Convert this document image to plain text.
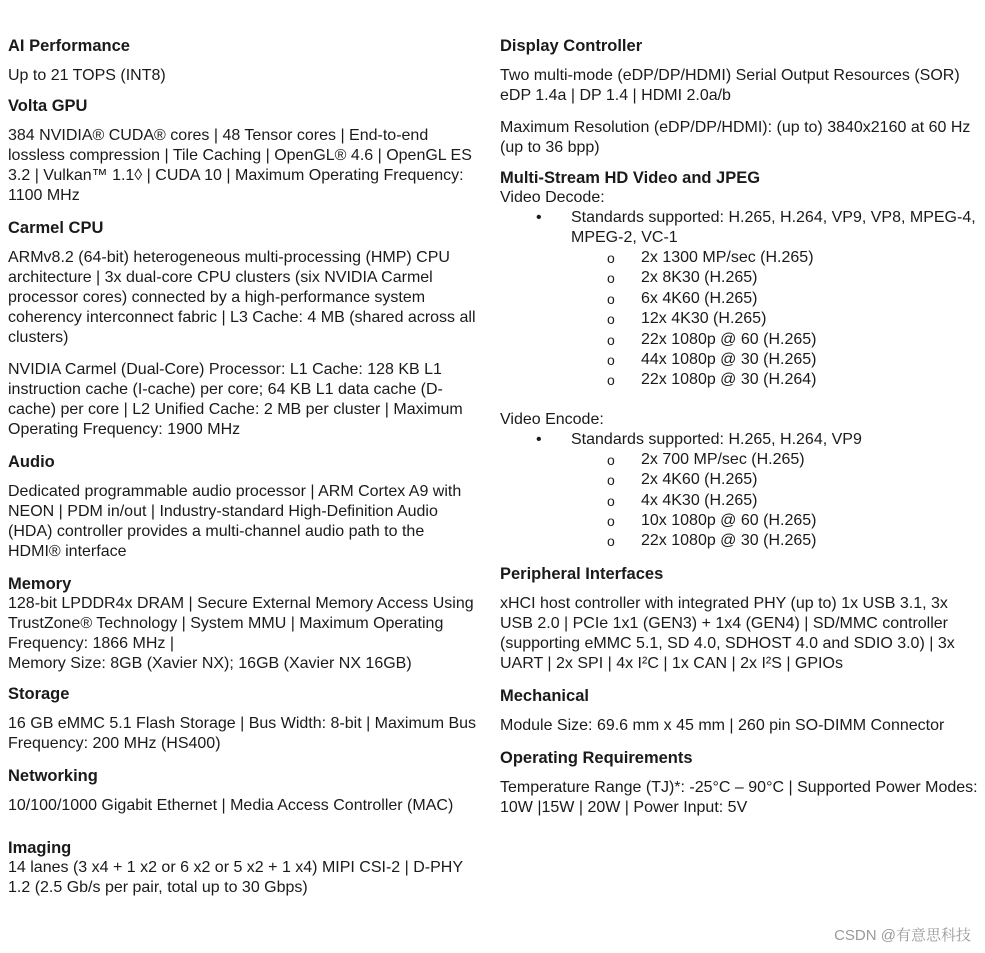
AI Performance

Up to 21 TOPS (INT8)

Volta GPU

384 NVIDIA® CUDA® cores | 48 Tensor cores | End-to-end lossless compression | Tile Caching | OpenGL® 4.6 | OpenGL ES 3.2 | Vulkan™ 1.1◊ | CUDA 10 | Maximum Operating Frequency: 1100 MHz

Carmel CPU

ARMv8.2 (64-bit) heterogeneous multi-processing (HMP) CPU architecture | 3x dual-core CPU clusters (six NVIDIA Carmel processor cores) connected by a high-performance system coherency interconnect fabric | L3 Cache: 4 MB (shared across all clusters)

NVIDIA Carmel (Dual-Core) Processor: L1 Cache: 128 KB L1 instruction cache (I-cache) per core; 64 KB L1 data cache (D-cache) per core | L2 Unified Cache: 2 MB per cluster | Maximum Operating Frequency: 1900 MHz

Audio

Dedicated programmable audio processor | ARM Cortex A9 with NEON | PDM in/out | Industry-standard High-Definition Audio (HDA) controller provides a multi-channel audio path to the HDMI® interface

Memory

128-bit LPDDR4x DRAM | Secure External Memory Access Using TrustZone® Technology | System MMU | Maximum Operating Frequency: 1866 MHz |

Memory Size: 8GB (Xavier NX); 16GB (Xavier NX 16GB)

Storage

16 GB eMMC 5.1 Flash Storage | Bus Width: 8-bit | Maximum Bus Frequency: 200 MHz (HS400)

Networking

10/100/1000 Gigabit Ethernet | Media Access Controller (MAC)

Imaging

14 lanes (3 x4 + 1 x2 or 6 x2 or 5 x2 + 1 x4) MIPI CSI-2 | D-PHY 1.2 (2.5 Gb/s per pair, total up to 30 Gbps)

Display Controller

Two multi-mode (eDP/DP/HDMI) Serial Output Resources (SOR)

eDP 1.4a | DP 1.4 | HDMI 2.0a/b

Maximum Resolution (eDP/DP/HDMI): (up to) 3840x2160 at 60 Hz (up to 36 bpp)

Multi-Stream HD Video and JPEG

Video Decode:

• Standards supported: H.265, H.264, VP9, VP8, MPEG-4, MPEG-2, VC-1
o 2x 1300 MP/sec (H.265)
o 2x 8K30 (H.265)
o 6x 4K60 (H.265)
o 12x 4K30 (H.265)
o 22x 1080p @ 60 (H.265)
o 44x 1080p @ 30 (H.265)
o 22x 1080p @ 30 (H.264)

Video Encode:

• Standards supported: H.265, H.264, VP9
o 2x 700 MP/sec (H.265)
o 2x 4K60 (H.265)
o 4x 4K30 (H.265)
o 10x 1080p @ 60 (H.265)
o 22x 1080p @ 30 (H.265)
Peripheral Interfaces

xHCI host controller with integrated PHY (up to) 1x USB 3.1, 3x USB 2.0 | PCIe 1x1 (GEN3) + 1x4 (GEN4) | SD/MMC controller (supporting eMMC 5.1, SD 4.0, SDHOST 4.0 and SDIO 3.0) | 3x UART | 2x SPI | 4x I²C | 1x CAN | 2x I²S | GPIOs

Mechanical

Module Size: 69.6 mm x 45 mm | 260 pin SO-DIMM Connector

Operating Requirements

Temperature Range (TJ)*: -25°C – 90°C | Supported Power Modes: 10W |15W | 20W | Power Input: 5V

CSDN @有意思科技
